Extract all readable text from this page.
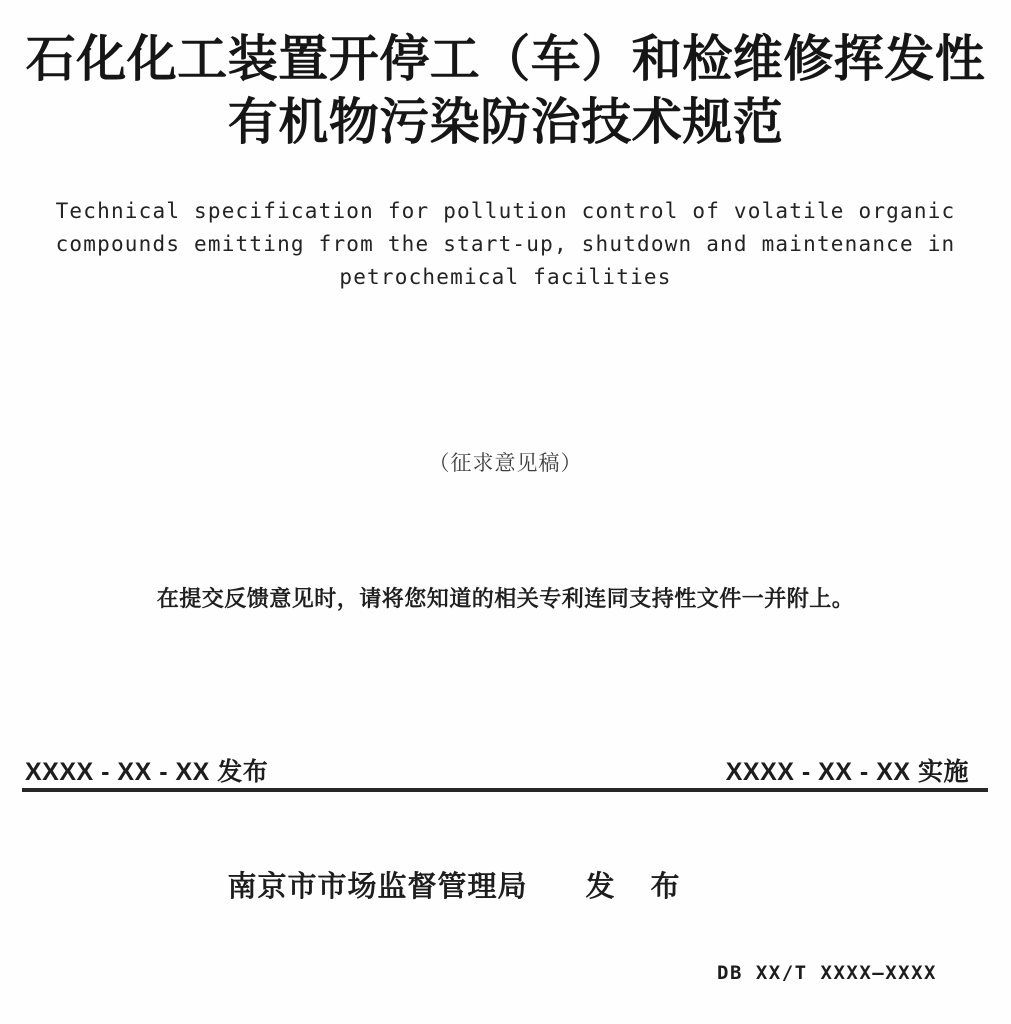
石化化工装置开停工（车）和检维修挥发性
有机物污染防治技术规范
Technical specification for pollution control of volatile organic
compounds emitting from the start-up, shutdown and maintenance in
petrochemical facilities
（征求意见稿）
在提交反馈意见时，请将您知道的相关专利连同支持性文件一并附上。
XXXX - XX - XX 发布	XXXX - XX - XX 实施
南京市市场监督管理局 发 布
DB XX/T XXXX—XXXX
